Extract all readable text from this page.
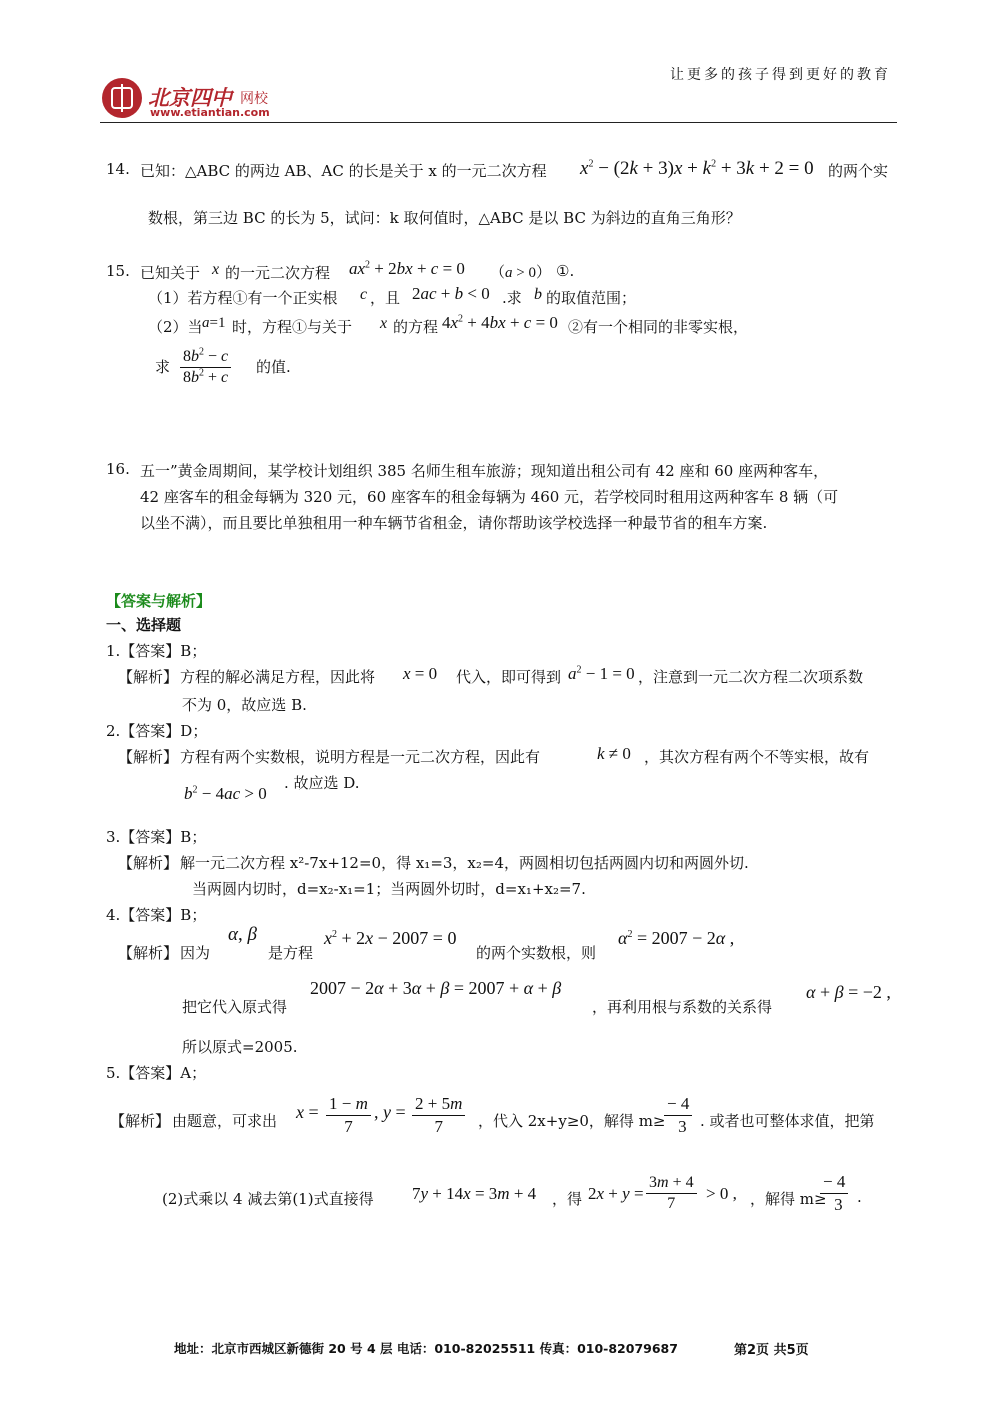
北京四中 网校
www.etiantian.com
让更多的孩子得到更好的教育
14. 已知：△ABC 的两边 AB、AC 的长是关于 x 的一元二次方程 $x^2 - (2k + 3)x + k^2 + 3k + 2 = 0$ 的两个实
数根，第三边 BC 的长为 5，试问：k 取何值时，△ABC 是以 BC 为斜边的直角三角形？
15. 已知关于 x 的一元二次方程 $ax^2 + 2bx + c = 0$ （a > 0） ①.
（1）若方程①有一个正实根 c ，且 2ac + b < 0 .求 b 的取值范围；
（2）当 a=1 时，方程①与关于 x 的方程 $4x^2 + 4bx + c = 0$ ②有一个相同的非零实根，
求 $\frac{8b^2 - c}{8b^2 + c}$ 的值.
16. 五一”黄金周期间，某学校计划组织 385 名师生租车旅游；现知道出租公司有 42 座和 60 座两种客车，
42 座客车的租金每辆为 320 元，60 座客车的租金每辆为 460 元，若学校同时租用这两种客车 8 辆（可
以坐不满），而且要比单独租用一种车辆节省租金，请你帮助该学校选择一种最节省的租车方案.
【答案与解析】
一、选择题
1.【答案】B；
【解析】 方程的解必满足方程，因此将 x = 0 代入，即可得到 $a^2 - 1 = 0$ ，注意到一元二次方程二次项系数
不为 0，故应选 B.
2.【答案】D；
【解析】 方程有两个实数根，说明方程是一元二次方程，因此有	k ≠ 0 ，其次方程有两个不等实根，故有
$b^2 - 4ac > 0$
. 故应选 D.
3.【答案】B；
【解析】 解一元二次方程 x²-7x+12=0，得 x₁=3，x₂=4，两圆相切包括两圆内切和两圆外切.
当两圆内切时，d=x₂-x₁=1；当两圆外切时，d=x₁+x₂=7.
4.【答案】B；
【解析】 因为
α, β
是方程
$x^2 + 2x - 2007 = 0$
的两个实数根，则
$\alpha^2 = 2007 - 2\alpha$ ,
把它代入原式得
2007 − 2α + 3α + β = 2007 + α + β
，再利用根与系数的关系得
α + β = −2 ,
所以原式=2005.
5.【答案】A；
【解析】 由题意，可求出 $x = \frac{1 - m}{7}$ , $y = \frac{2 + 5m}{7}$ ，代入 2x+y≥0，解得 m≥
$\frac{- 4}{3}$ . 或者也可整体求值，把第
(2)式乘以 4 减去第(1)式直接得 7y + 14x = 3m + 4 ，得 $2x + y = \frac{3m + 4}{7} > 0$ , ，解得 m≥
$\frac{- 4}{3}$ .
地址：北京市西城区新德街 20 号 4 层 电话：010-82025511 传真：010-82079687	第2页 共5页
